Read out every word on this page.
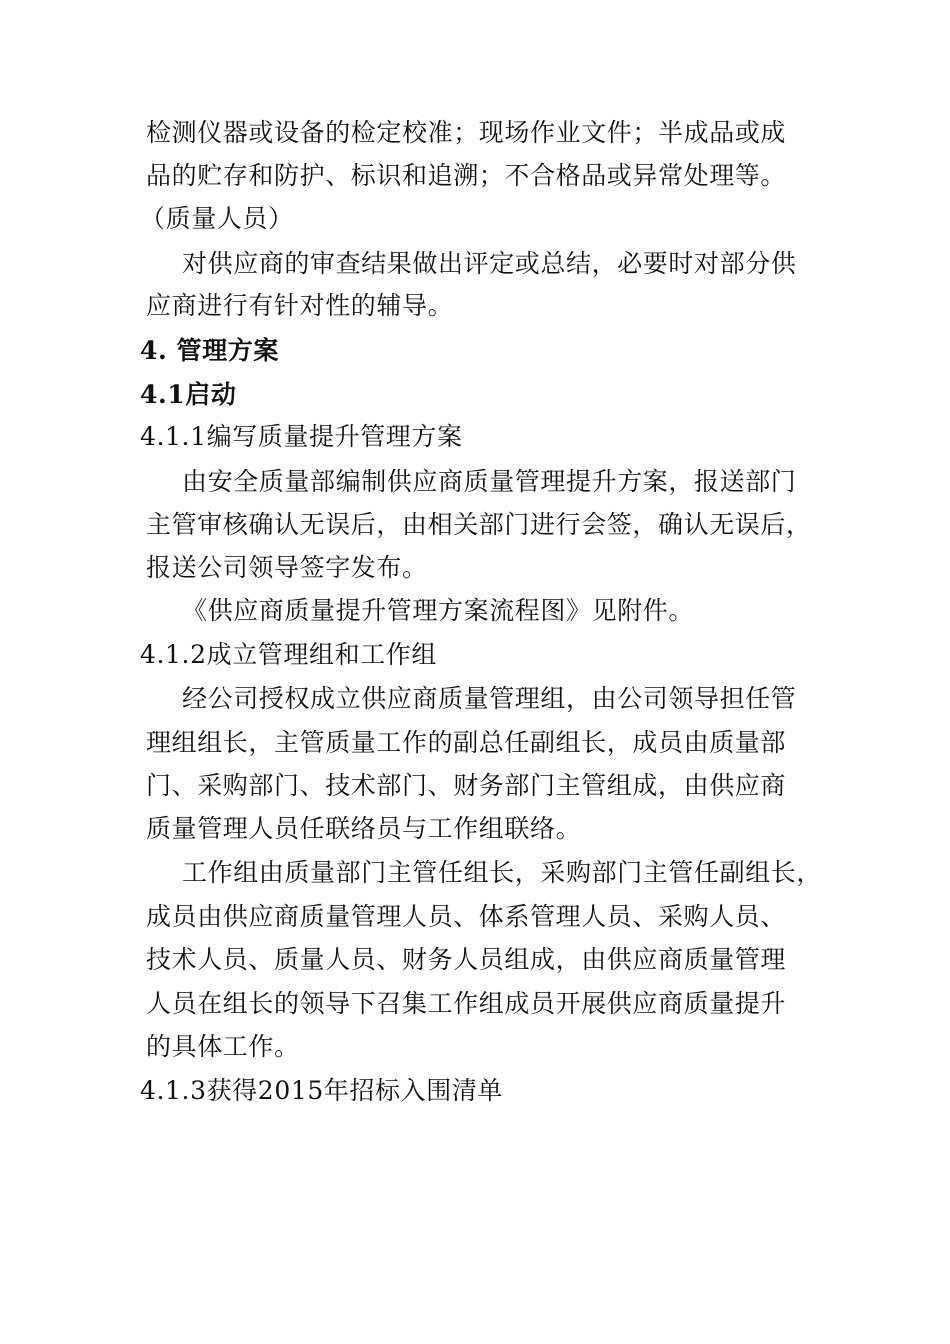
检测仪器或设备的检定校准；现场作业文件；半成品或成
品的贮存和防护、标识和追溯；不合格品或异常处理等。
（质量人员）
对供应商的审查结果做出评定或总结，必要时对部分供
应商进行有针对性的辅导。
4. 管理方案
4.1启动
4.1.1编写质量提升管理方案
由安全质量部编制供应商质量管理提升方案，报送部门
主管审核确认无误后，由相关部门进行会签，确认无误后，
报送公司领导签字发布。
《供应商质量提升管理方案流程图》见附件。
4.1.2成立管理组和工作组
经公司授权成立供应商质量管理组，由公司领导担任管
理组组长，主管质量工作的副总任副组长，成员由质量部
门、采购部门、技术部门、财务部门主管组成，由供应商
质量管理人员任联络员与工作组联络。
工作组由质量部门主管任组长，采购部门主管任副组长，
成员由供应商质量管理人员、体系管理人员、采购人员、
技术人员、质量人员、财务人员组成，由供应商质量管理
人员在组长的领导下召集工作组成员开展供应商质量提升
的具体工作。
4.1.3获得2015年招标入围清单
